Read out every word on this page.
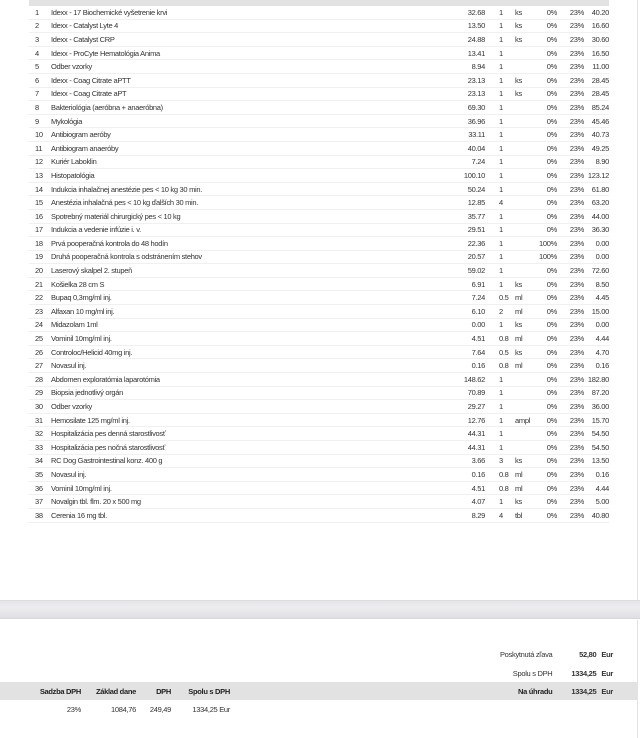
1	Idexx - 17 Biochemické vyšetrenie krvi	32.68	1	ks	0%	23%	40.20
2	Idexx - Catalyst Lyte 4	13.50	1	ks	0%	23%	16.60
3	Idexx - Catalyst CRP	24.88	1	ks	0%	23%	30.60
4	Idexx - ProCyte Hematológia Anima	13.41	1	0%	23%	16.50
5	Odber vzorky	8.94	1	0%	23%	11.00
6	Idexx - Coag Citrate aPTT	23.13	1	ks	0%	23%	28.45
7	Idexx - Coag Citrate aPT	23.13	1	ks	0%	23%	28.45
8	Bakteriológia (aeróbna + anaeróbna)	69.30	1	0%	23%	85.24
9	Mykológia	36.96	1	0%	23%	45.46
10	Antibiogram aeróby	33.11	1	0%	23%	40.73
11	Antibiogram anaeróby	40.04	1	0%	23%	49.25
12	Kuriér Laboklin	7.24	1	0%	23%	8.90
13	Histopatológia	100.10	1	0%	23% 123.12
14	Indukcia inhalačnej anestézie pes < 10 kg 30 min.	50.24	1	0%	23%	61.80
15	Anestézia inhalačná pes < 10 kg ďalších 30 min.	12.85	4	0%	23%	63.20
16	Spotrebný materiál chirurgický pes < 10 kg	35.77	1	0%	23%	44.00
17	Indukcia a vedenie infúzie i. v.	29.51	1	0%	23%	36.30
18	Prvá pooperačná kontrola do 48 hodín	22.36	1	100%	23%	0.00
19	Druhá pooperačná kontrola s odstránením stehov	20.57	1	100%	23%	0.00
20	Laserový skalpel 2. stupeň	59.02	1	0%	23%	72.60
21	Košielka 28 cm S	6.91	1	ks	0%	23%	8.50
22	Bupaq 0,3mg/ml inj.	7.24	0.5 ml	0%	23%	4.45
23	Alfaxan 10 mg/ml inj.	6.10	2	ml	0%	23%	15.00
24	Midazolam 1ml	0.00	1	ks	0%	23%	0.00
25	Vominil 10mg/ml inj.	4.51	0.8 ml	0%	23%	4.44
26	Controloc/Helicid 40mg inj.	7.64	0.5 ks	0%	23%	4.70
27	Novasul inj.	0.16	0.8 ml	0%	23%	0.16
28	Abdomen exploratómia laparotómia	148.62	1	0%	23% 182.80
29	Biopsia jednotlivý orgán	70.89	1	0%	23%	87.20
30	Odber vzorky	29.27	1	0%	23%	36.00
31	Hemosilate 125 mg/ml inj.	12.76	1	ampl	0%	23%	15.70
32	Hospitalizácia pes denná starostlivosť	44.31	1	0%	23%	54.50
33	Hospitalizácia pes nočná starostlivosť	44.31	1	0%	23%	54.50
34	RC Dog Gastrointestinal konz. 400 g	3.66	3	ks	0%	23%	13.50
35	Novasul inj.	0.16	0.8 ml	0%	23%	0.16
36	Vominil 10mg/ml inj.	4.51	0.8 ml	0%	23%	4.44
37	Novalgin tbl. flm. 20 x 500 mg	4.07	1	ks	0%	23%	5.00
38	Cerenia 16 mg tbl.	8.29	4	tbl	0%	23%	40.80
Poskytnutá zľava	52,80 Eur
Spolu s DPH	1334,25 Eur
Na úhradu	1334,25 Eur
Sadzba DPH	Základ dane	DPH	Spolu s DPH
23%	1084,76	249,49	1334,25 Eur
